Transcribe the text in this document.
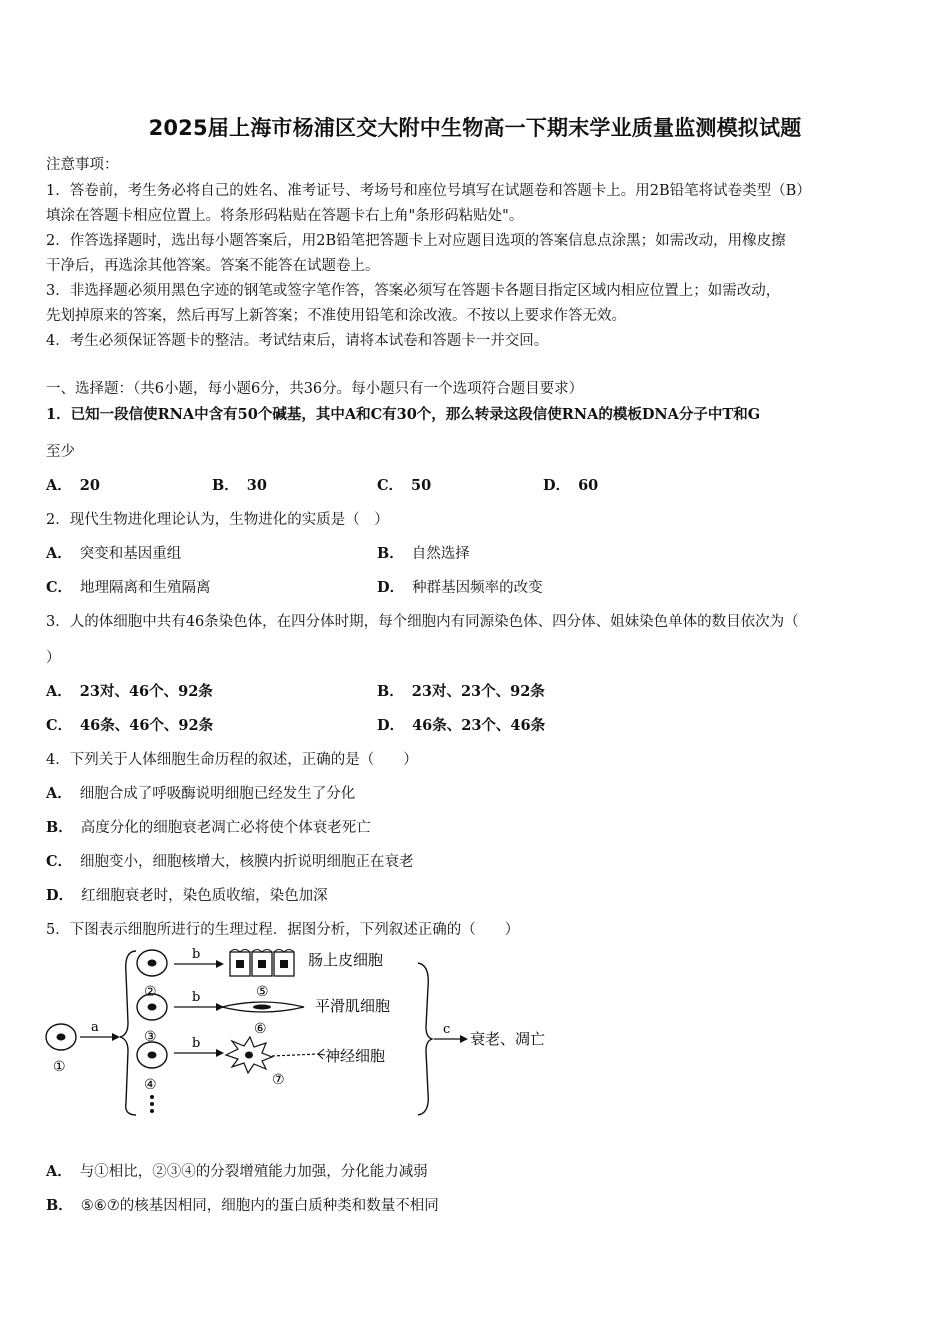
2025届上海市杨浦区交大附中生物高一下期末学业质量监测模拟试题
注意事项：
1．答卷前，考生务必将自己的姓名、准考证号、考场号和座位号填写在试题卷和答题卡上。用2B铅笔将试卷类型（B）
填涂在答题卡相应位置上。将条形码粘贴在答题卡右上角"条形码粘贴处"。
2．作答选择题时，选出每小题答案后，用2B铅笔把答题卡上对应题目选项的答案信息点涂黑；如需改动，用橡皮擦
干净后，再选涂其他答案。答案不能答在试题卷上。
3．非选择题必须用黑色字迹的钢笔或签字笔作答，答案必须写在答题卡各题目指定区域内相应位置上；如需改动，
先划掉原来的答案，然后再写上新答案；不准使用铅笔和涂改液。不按以上要求作答无效。
4．考生必须保证答题卡的整洁。考试结束后，请将本试卷和答题卡一并交回。
一、选择题：（共6小题，每小题6分，共36分。每小题只有一个选项符合题目要求）
1．已知一段信使RNA中含有50个碱基，其中A和C有30个，那么转录这段信使RNA的模板DNA分子中T和G
至少
A． 20	B． 30	C． 50	D． 60
2．现代生物进化理论认为，生物进化的实质是（　）
A． 突变和基因重组	B． 自然选择
C． 地理隔离和生殖隔离	D． 种群基因频率的改变
3．人的体细胞中共有46条染色体，在四分体时期，每个细胞内有同源染色体、四分体、姐妹染色单体的数目依次为（
）
A． 23对、46个、92条	B． 23对、23个、92条
C． 46条、46个、92条	D． 46条、23个、46条
4．下列关于人体细胞生命历程的叙述，正确的是（　　）
A． 细胞合成了呼吸酶说明细胞已经发生了分化
B． 高度分化的细胞衰老凋亡必将使个体衰老死亡
C． 细胞变小，细胞核增大，核膜内折说明细胞正在衰老
D． 红细胞衰老时，染色质收缩，染色加深
5．下图表示细胞所进行的生理过程．据图分析，下列叙述正确的（　　）
①
a
②
b
⑤
肠上皮细胞
③
b
⑥
平滑肌细胞
④
b
⑦
神经细胞
c
衰老、凋亡
A． 与①相比，②③④的分裂增殖能力加强，分化能力减弱
B． ⑤⑥⑦的核基因相同，细胞内的蛋白质种类和数量不相同
